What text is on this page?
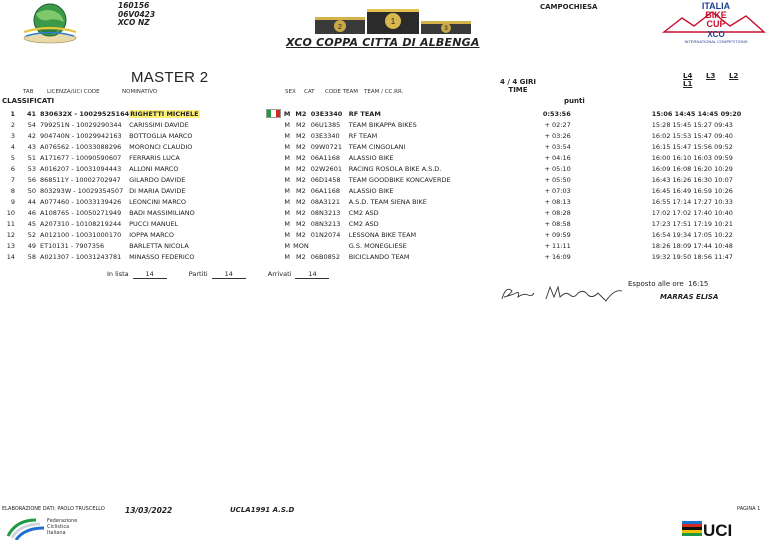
160156
06V0423
XCO NZ
2
1
3
XCO COPPA CITTA DI ALBENGA
CAMPOCHIESA	ITALIA
BIKE
CUP
XCO
INTERNATIONAL COMPETITIONS
MASTER 2	4 / 4 GIRI
TIME
L4 L3 L2L1
TAB LICENZA/UCI CODE	NOMINATIVO	SEX CAT CODE TEAM TEAM / CC.RR.
CLASSIFICATI	punti
1	41	830632X - 10029525164	RIGHETTI MICHELE		M	M2	03E3340	RF TEAM	0:53:56		15:06 14:45 14:45 09:20
2	54	799251N - 10029290344	CARISSIMI DAVIDE		M	M2	06U1385	TEAM BIKAPPA BIKES	+ 02:27		15:28 15:45 15:27 09:43
3	42	904740N - 10029942163	BOTTOGLIA MARCO		M	M2	03E3340	RF TEAM	+ 03:26		16:02 15:53 15:47 09:40
4	43	A076562 - 10033088296	MORONCI CLAUDIO		M	M2	09W0721	TEAM CINGOLANI	+ 03:54		16:15 15:47 15:56 09:52
5	51	A171677 - 10090590607	FERRARIS LUCA		M	M2	06A1168	ALASSIO BIKE	+ 04:16		16:00 16:10 16:03 09:59
6	53	A016207 - 10031094443	ALLONI MARCO		M	M2	02W2601	RACING ROSOLA BIKE A.S.D.	+ 05:10		16:09 16:08 16:20 10:29
7	56	868511Y - 10002702947	GILARDO DAVIDE		M	M2	06D1458	TEAM GOODBIKE KONCAVERDE	+ 05:50		16:43 16:26 16:30 10:07
8	50	803293W - 10029354507	DI MARIA DAVIDE		M	M2	06A1168	ALASSIO BIKE	+ 07:03		16:45 16:49 16:59 10:26
9	44	A077460 - 10033139426	LEONCINI MARCO		M	M2	08A3121	A.S.D. TEAM SIENA BIKE	+ 08:13		16:55 17:14 17:27 10:33
10	46	A108765 - 10050271949	BADI MASSIMILIANO		M	M2	08N3213	CM2 ASD	+ 08:28		17:02 17:02 17:40 10:40
11	45	A207310 - 10108219244	PUCCI MANUEL		M	M2	08N3213	CM2 ASD	+ 08:58		17:23 17:51 17:19 10:21
12	52	A012100 - 10031000170	IOPPA MARCO		M	M2	01N2074	LESSONA BIKE TEAM	+ 09:59		16:54 19:34 17:05 10:22
13	49	ET10131 - 7907356	BARLETTA NICOLA		M	MON		G.S. MONEGLIESE	+ 11:11		18:26 18:09 17:44 10:48
14	58	A021307 - 10031243781	MINASSO FEDERICO		M	M2	06B0852	BICICLANDO TEAM	+ 16:09		19:32 19:50 18:56 11:47
In lista	14	Partiti	14	Arrivati	14
Esposto alle ore 16:15
MARRAS ELISA
ELABORAZIONE DATI: PAOLO TRUSCELLO	13/03/2022	UCLA1991 A.S.D	PAGINA 1
Federazione
Ciclistica
Italiana	UCI
